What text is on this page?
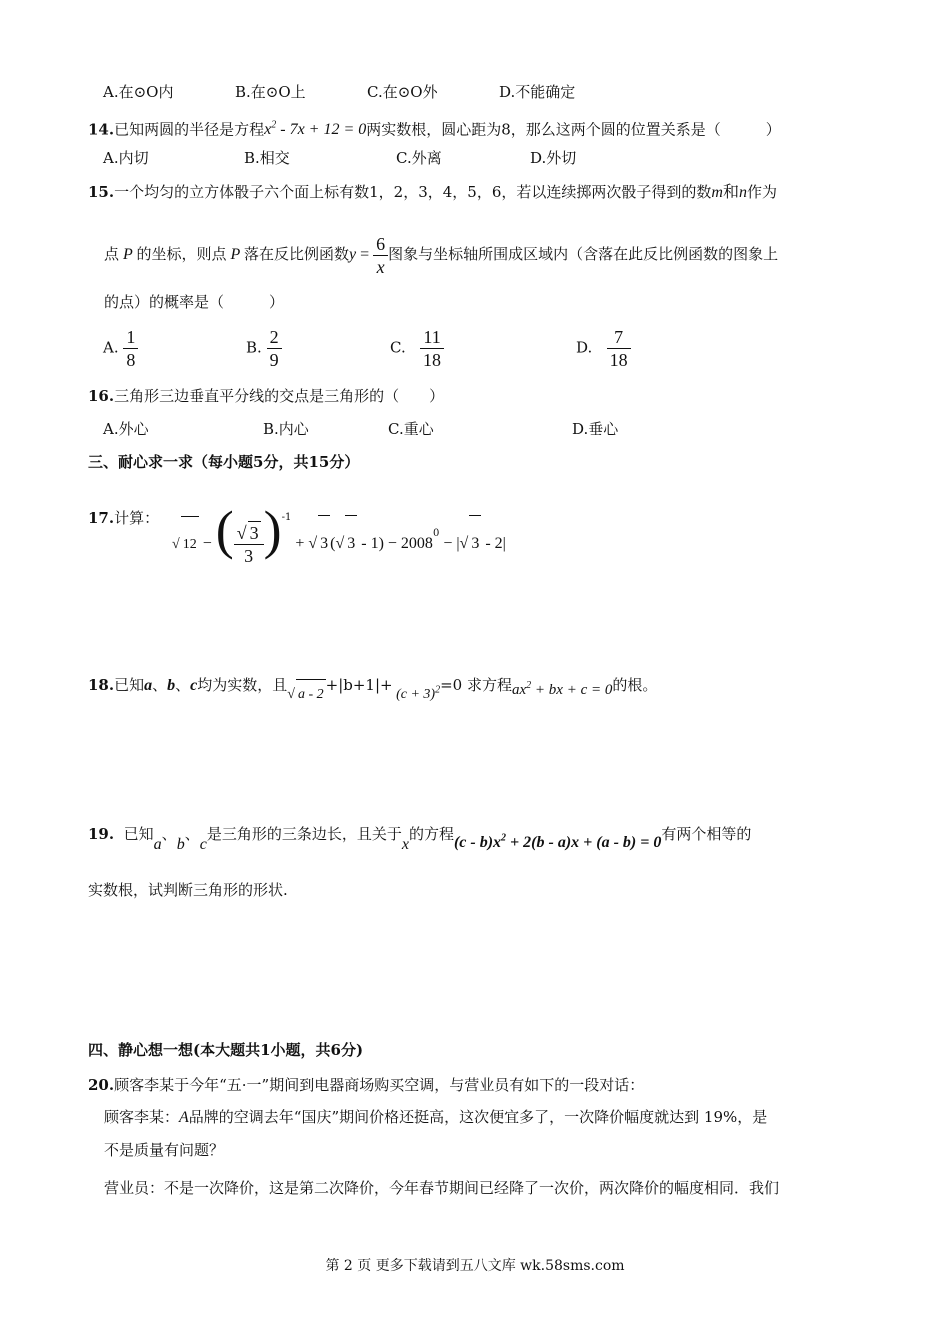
A.在⊙O内	B.在⊙O上	C.在⊙O外	D.不能确定
14.已知两圆的半径是方程$x^2 - 7x + 12 = 0$两实数根，圆心距为8，那么这两个圆的位置关系是（　　　）
A.内切	B.相交	C.外离	D.外切
15.一个均匀的立方体骰子六个面上标有数1，2，3，4，5，6，若以连续掷两次骰子得到的数m和n作为
点 P 的坐标，则点 P 落在反比例函数$y = \frac{6}{x}$ 图象与坐标轴所围成区域内（含落在此反比例函数的图象上
的点）的概率是（　　　）
A. $\frac{1}{8}$	B. $\frac{2}{9}$	C. $\frac{11}{18}$	D. $\frac{7}{18}$
16.三角形三边垂直平分线的交点是三角形的（　　）
A.外心	B.内心	C.重心	D.垂心
三、耐心求一求（每小题5分，共15分）
17.计算：
√ 12 − ( $\frac{√ 3}{3} )^{-1}$ + √ 3 (√ $3 - 1) - 2008^0$ − |√ 3 - 2|
18.已知a、b、c均为实数，且√ $a - 2+|b+1|+ (c + 3)^2=0$ 求方程$ax^2$ + bx + c = 0的根。
19. 已知a、b、c是三角形的三条边长，且关于x的方程$(c - b)x^2 + 2(b - a)x + (a - b) = 0$有两个相等的
实数根，试判断三角形的形状.
四、静心想一想(本大题共1小题，共6分)
20.顾客李某于今年“五·一”期间到电器商场购买空调，与营业员有如下的一段对话：
顾客李某：A品牌的空调去年“国庆”期间价格还挺高，这次便宜多了，一次降价幅度就达到 19%，是
不是质量有问题？
营业员：不是一次降价，这是第二次降价，今年春节期间已经降了一次价，两次降价的幅度相同．我们
第 2 页 更多下载请到五八文库 wk.58sms.com
